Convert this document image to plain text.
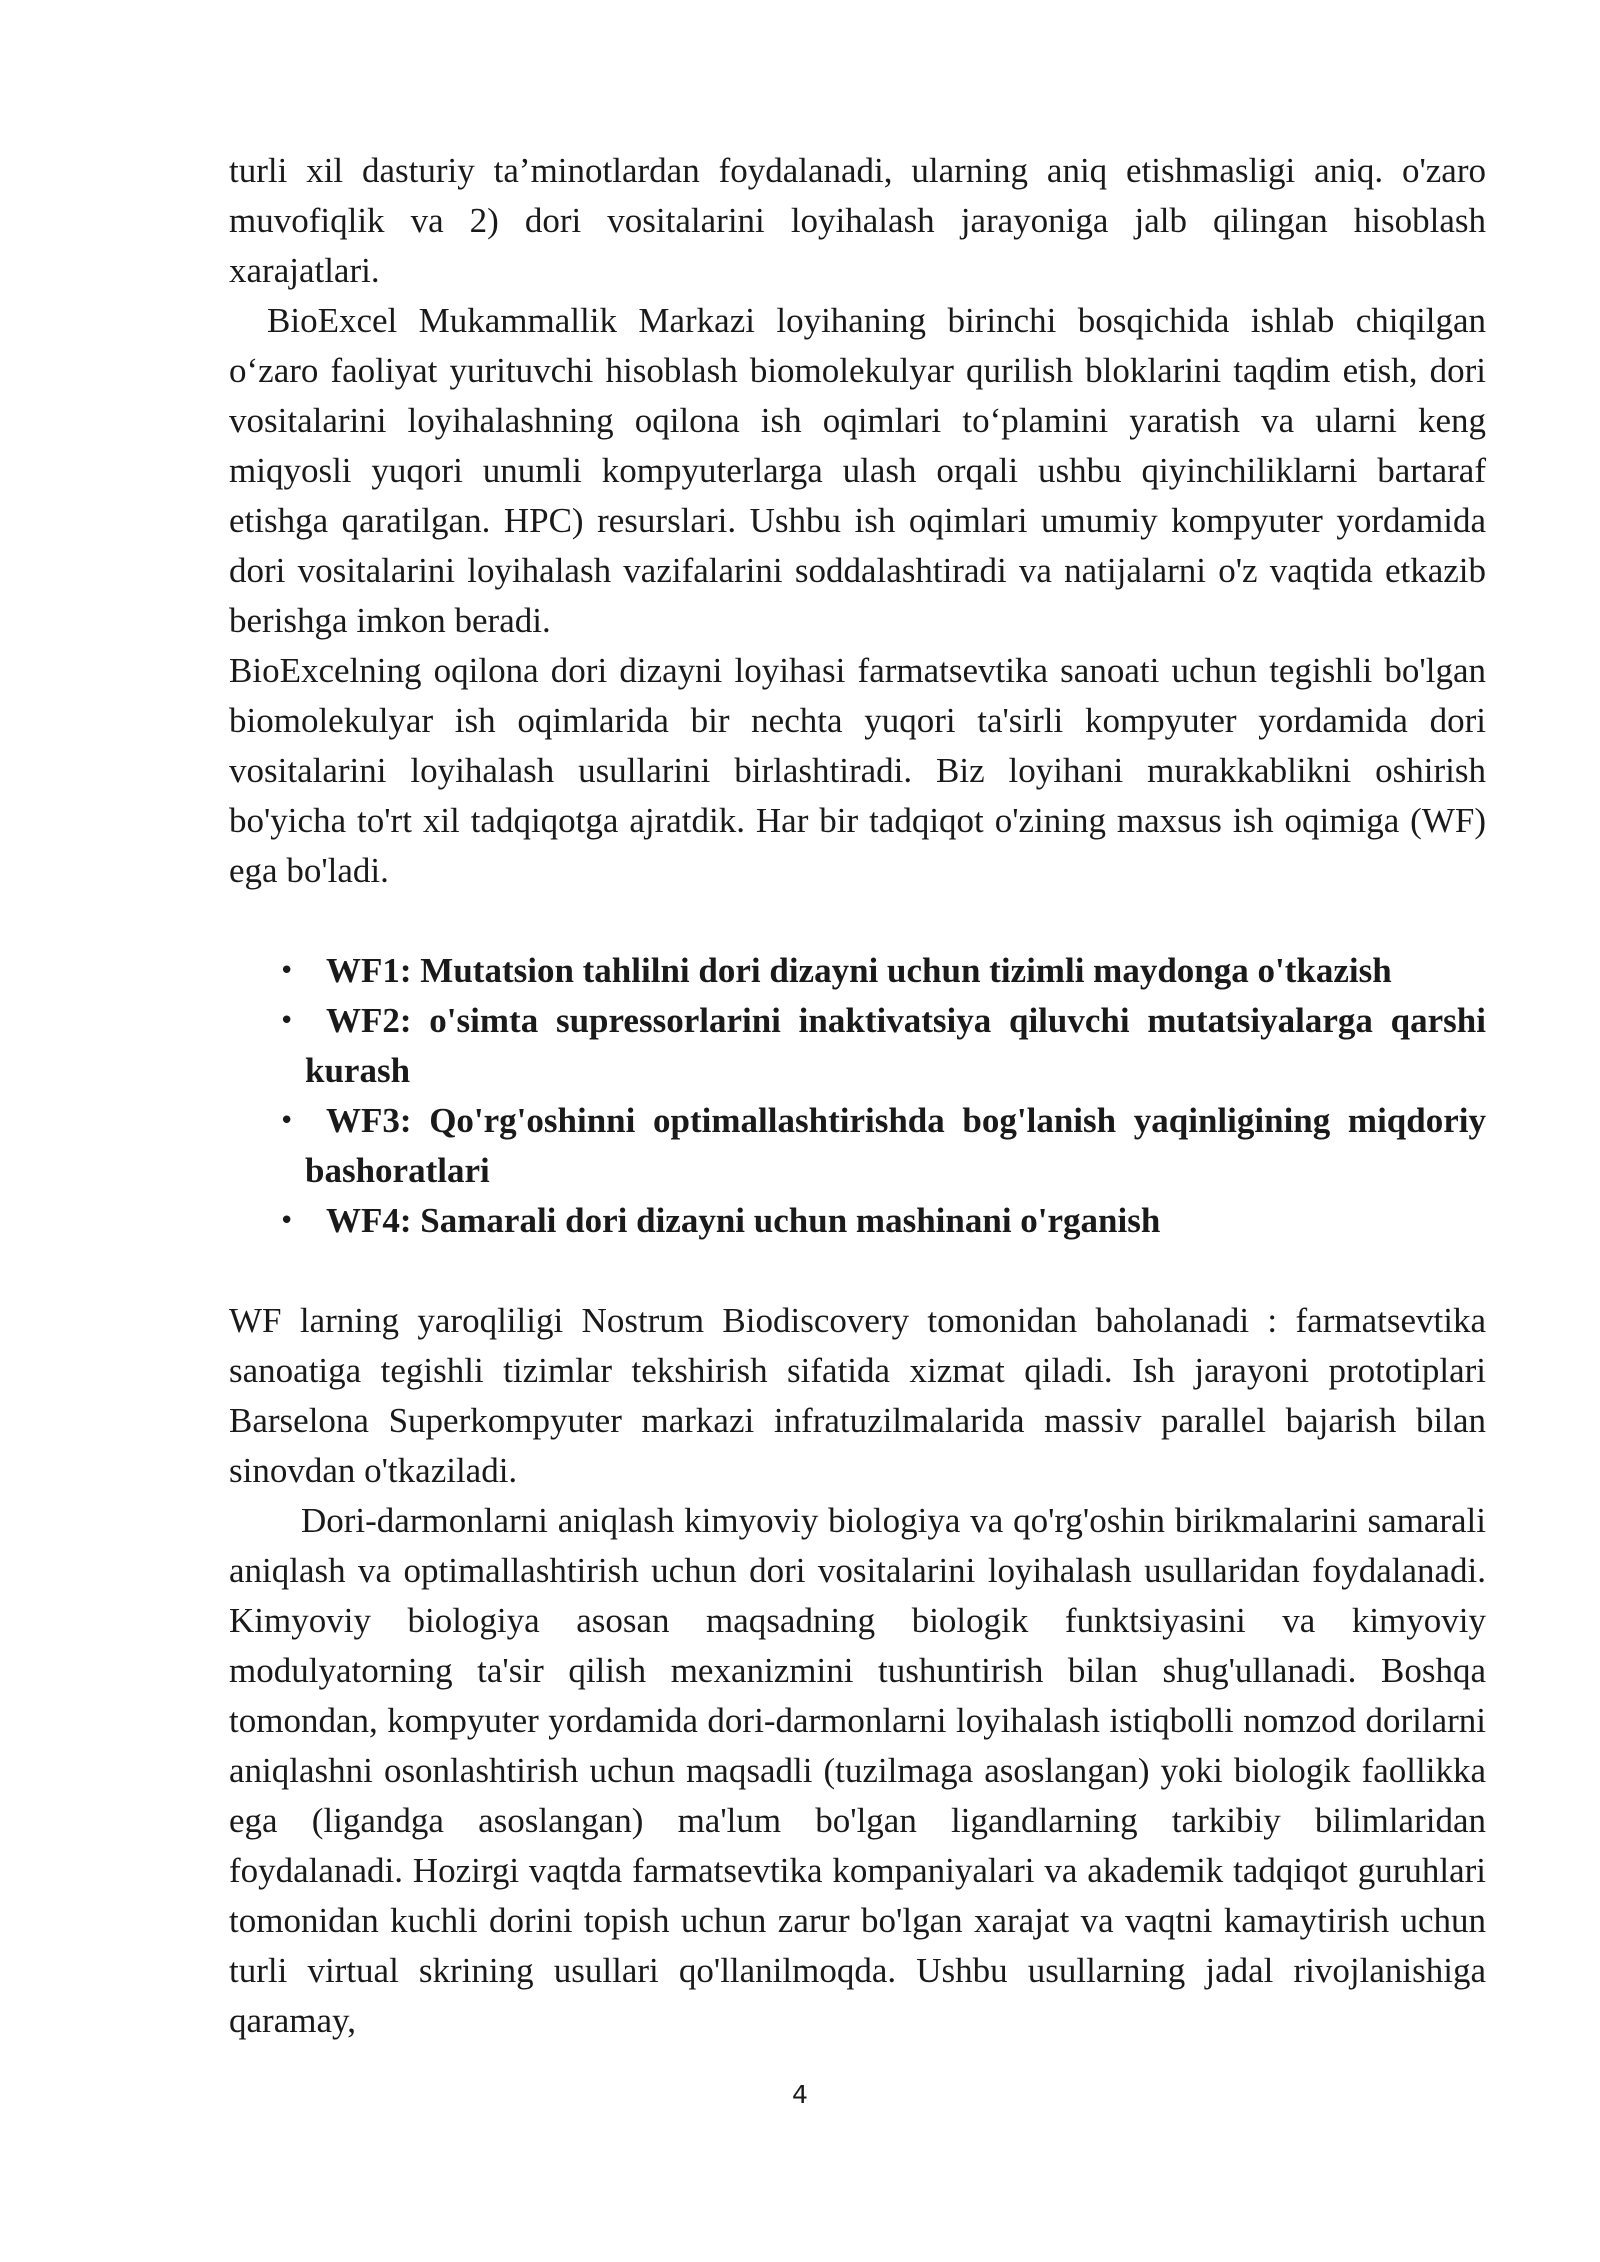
turli xil dasturiy ta’minotlardan foydalanadi, ularning aniq etishmasligi aniq. o'zaro muvofiqlik va 2) dori vositalarini loyihalash jarayoniga jalb qilingan hisoblash xarajatlari.

BioExcel Mukammallik Markazi loyihaning birinchi bosqichida ishlab chiqilgan o‘zaro faoliyat yurituvchi hisoblash biomolekulyar qurilish bloklarini taqdim etish, dori vositalarini loyihalashning oqilona ish oqimlari to‘plamini yaratish va ularni keng miqyosli yuqori unumli kompyuterlarga ulash orqali ushbu qiyinchiliklarni bartaraf etishga qaratilgan. HPC) resurslari. Ushbu ish oqimlari umumiy kompyuter yordamida dori vositalarini loyihalash vazifalarini soddalashtiradi va natijalarni o'z vaqtida etkazib berishga imkon beradi.

BioExcelning oqilona dori dizayni loyihasi farmatsevtika sanoati uchun tegishli bo'lgan biomolekulyar ish oqimlarida bir nechta yuqori ta'sirli kompyuter yordamida dori vositalarini loyihalash usullarini birlashtiradi. Biz loyihani murakkablikni oshirish bo'yicha to'rt xil tadqiqotga ajratdik. Har bir tadqiqot o'zining maxsus ish oqimiga (WF) ega bo'ladi.

• WF1: Mutatsion tahlilni dori dizayni uchun tizimli maydonga o'tkazish
• WF2: o'simta supressorlarini inaktivatsiya qiluvchi mutatsiyalarga qarshi kurash
• WF3: Qo'rg'oshinni optimallashtirishda bog'lanish yaqinligining miqdoriy bashoratlari
• WF4: Samarali dori dizayni uchun mashinani o'rganish

WF larning yaroqliligi Nostrum Biodiscovery tomonidan baholanadi : farmatsevtika sanoatiga tegishli tizimlar tekshirish sifatida xizmat qiladi. Ish jarayoni prototiplari Barselona Superkompyuter markazi infratuzilmalarida massiv parallel bajarish bilan sinovdan o'tkaziladi.

Dori-darmonlarni aniqlash kimyoviy biologiya va qo'rg'oshin birikmalarini samarali aniqlash va optimallashtirish uchun dori vositalarini loyihalash usullaridan foydalanadi. Kimyoviy biologiya asosan maqsadning biologik funktsiyasini va kimyoviy modulyatorning ta'sir qilish mexanizmini tushuntirish bilan shug'ullanadi. Boshqa tomondan, kompyuter yordamida dori-darmonlarni loyihalash istiqbolli nomzod dorilarni aniqlashni osonlashtirish uchun maqsadli (tuzilmaga asoslangan) yoki biologik faollikka ega (ligandga asoslangan) ma'lum bo'lgan ligandlarning tarkibiy bilimlaridan foydalanadi. Hozirgi vaqtda farmatsevtika kompaniyalari va akademik tadqiqot guruhlari tomonidan kuchli dorini topish uchun zarur bo'lgan xarajat va vaqtni kamaytirish uchun turli virtual skrining usullari qo'llanilmoqda. Ushbu usullarning jadal rivojlanishiga qaramay,

4
